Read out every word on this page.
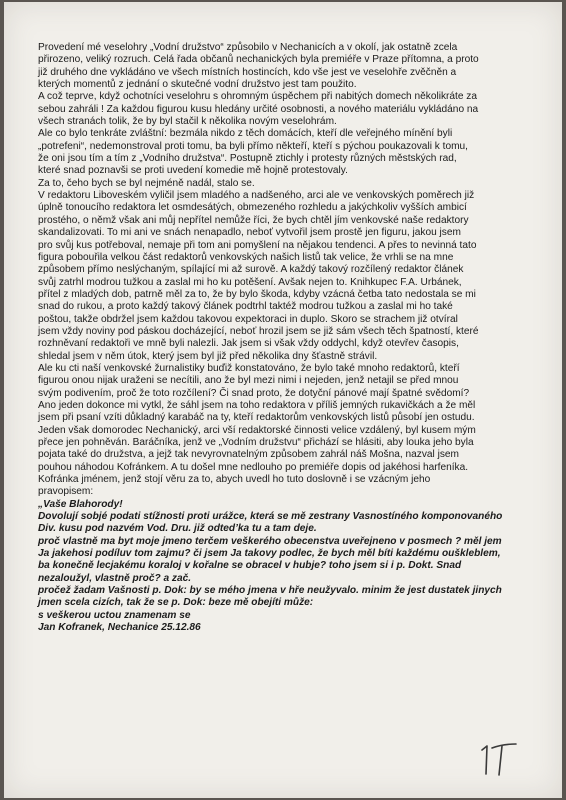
Provedení mé veselohry „Vodní družstvo“ způsobilo v Nechanicích a v okolí, jak ostatně zcela

přirozeno, veliký rozruch. Celá řada občanů nechanických byla premiéře v Praze přítomna, a proto

již druhého dne vykládáno ve všech místních hostincích, kdo vše jest ve veselohře zvěčněn a

kterých momentů z jednání o skutečné vodní družstvo jest tam použito.

A což teprve, když ochotníci veselohru s ohromným úspěchem při nabitých domech několikráte za

sebou zahráli ! Za každou figurou kusu hledány určité osobnosti, a nového materiálu vykládáno na

všech stranách tolik, že by byl stačil k několika novým veselohrám.

Ale co bylo tenkráte zvláštní: bezmála nikdo z těch domácích, kteří dle veřejného mínění byli

„potrefeni“, nedemonstroval proti tomu, ba byli přímo někteří, kteří s pýchou poukazovali k tomu,

že oni jsou tím a tím z „Vodního družstva“. Postupně ztichly i protesty různých městských rad,

které snad poznavši se proti uvedení komedie mě hojně protestovaly.

Za to, čeho bych se byl nejméně nadál, stalo se.

V redaktoru Liboveském vyličil jsem mladého a nadšeného, arci ale ve venkovských poměrech již

úplně tonoucího redaktora let osmdesátých, obmezeného rozhledu a jakýchkoliv vyšších ambicí

prostého, o němž však ani můj nepřítel nemůže říci, že bych chtěl jím venkovské naše redaktory

skandalizovati. To mi ani ve snách nenapadlo, neboť vytvořil jsem prostě jen figuru, jakou jsem

pro svůj kus potřeboval, nemaje při tom ani pomyšlení na nějakou tendenci. A přes to nevinná tato

figura pobouřila velkou část redaktorů venkovských našich listů tak velice, že vrhli se na mne

způsobem přímo neslýchaným, spílající mi až surově. A každý takový rozčílený redaktor článek

svůj zatrhl modrou tužkou a zaslal mi ho ku potěšení. Avšak nejen to. Knihkupec F.A. Urbánek,

přítel z mladých dob, patrně měl za to, že by bylo škoda, kdyby vzácná četba tato nedostala se mi

snad do rukou, a proto každý takový článek podtrhl taktéž modrou tužkou a zaslal mi ho také

poštou, takže obdržel jsem každou takovou expektoraci in duplo. Skoro se strachem již otvíral

jsem vždy noviny pod páskou docházející, neboť hrozil jsem se již sám všech těch špatností, které

rozhněvaní redaktoři ve mně byli nalezli. Jak jsem si však vždy oddychl, když otevřev časopis,

shledal jsem v něm útok, který jsem byl již před několika dny šťastně strávil.

Ale ku cti naší venkovské žurnalistiky buďiž konstatováno, že bylo také mnoho redaktorů, kteří

figurou onou nijak uraženi se necítili, ano že byl mezi nimi i nejeden, jenž netajil se před mnou

svým podivením, proč že toto rozčílení? Či snad proto, že dotyční pánové mají špatné svědomí?

Ano jeden dokonce mi vytkl, že sáhl jsem na toho redaktora v příliš jemných rukavičkách a že měl

jsem při psaní vzíti důkladný karabáč na ty, kteří redaktorům venkovských listů působí jen ostudu.

Jeden však domorodec Nechanický, arci vší redaktorské činnosti velice vzdálený, byl kusem mým

přece jen pohněván. Baráčníka, jenž ve „Vodním družstvu“ přichází se hlásiti, aby louka jeho byla

pojata také do družstva, a jejž tak nevyrovnatelným způsobem zahrál náš Mošna, nazval jsem

pouhou náhodou Kofránkem. A tu došel mne nedlouho po premiéře dopis od jakéhosi harfeníka.

Kofránka jménem, jenž stojí věru za to, abych uvedl ho tuto doslovně i se vzácným jeho

pravopisem:

„Vaše Blahorody!

Dovolují sobjé podati stížnosti proti urážce, která se mě zestrany Vasnostíného komponovaného

Div. kusu pod nazvém Vod. Dru. již odted’ka tu a tam deje.

proč vlastně ma byt moje jmeno terčem veškerého obecenstva uveřejneno v posmech ? měl jem

Ja jakehosi podíluv tom zajmu? či jsem Ja takovy podlec, že bych měl bíti každému ouškleblem,

ba konečně lecjakému koraloj v kořalne se obracel v hubje? toho jsem si i p. Dokt. Snad

nezaloužyl, vlastně proč? a zač.

pročež žadam Vašnosti p. Dok: by se mého jmena v hře neužyvalo. minim že jest dustatek jinych

jmen scela cizích, tak že se p. Dok: beze mě obejíti může:

s veškerou uctou znamenam se

Jan Kofranek, Nechanice 25.12.86
